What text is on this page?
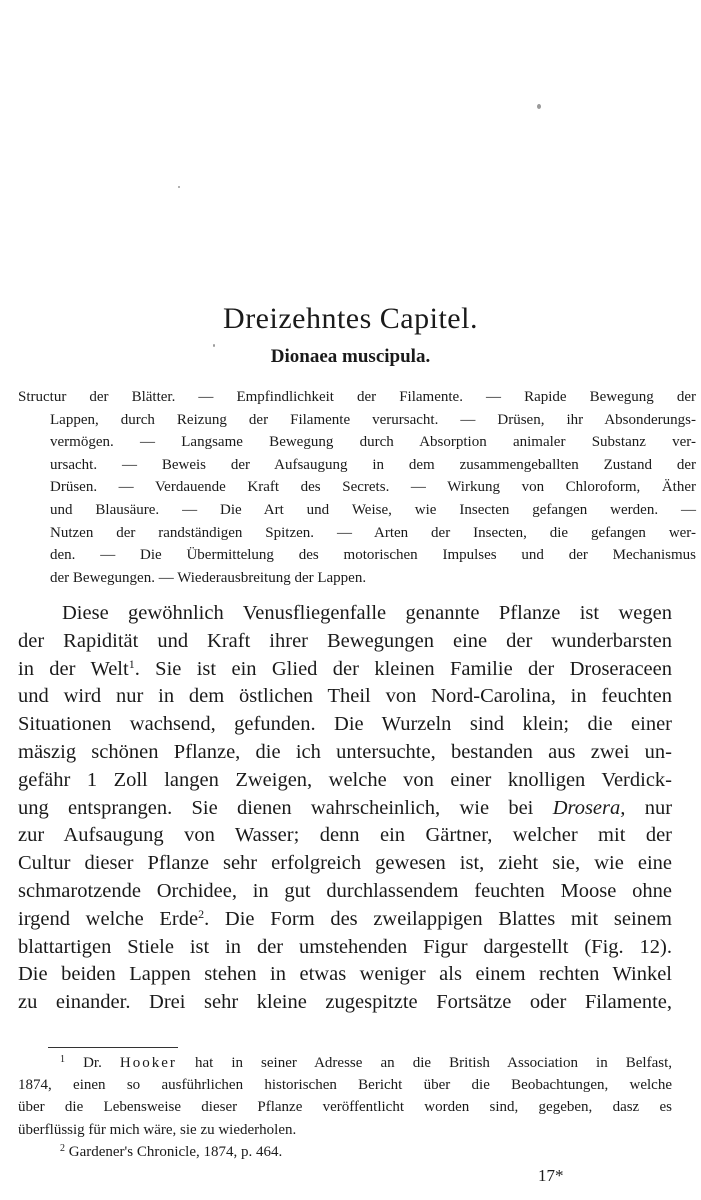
Dreizehntes Capitel.
Dionaea muscipula.
Structur der Blätter. — Empfindlichkeit der Filamente. — Rapide Bewegung der
Lappen, durch Reizung der Filamente verursacht. — Drüsen, ihr Absonderungs-
vermögen. — Langsame Bewegung durch Absorption animaler Substanz ver-
ursacht. — Beweis der Aufsaugung in dem zusammengeballten Zustand der
Drüsen. — Verdauende Kraft des Secrets. — Wirkung von Chloroform, Äther
und Blausäure. — Die Art und Weise, wie Insecten gefangen werden. —
Nutzen der randständigen Spitzen. — Arten der Insecten, die gefangen wer-
den. — Die Übermittelung des motorischen Impulses und der Mechanismus
der Bewegungen. — Wiederausbreitung der Lappen.
Diese gewöhnlich Venusfliegenfalle genannte Pflanze ist wegen
der Rapidität und Kraft ihrer Bewegungen eine der wunderbarsten
in der Welt$^1$. Sie ist ein Glied der kleinen Familie der Droseraceen
und wird nur in dem östlichen Theil von Nord-Carolina, in feuchten
Situationen wachsend, gefunden. Die Wurzeln sind klein; die einer
mäszig schönen Pflanze, die ich untersuchte, bestanden aus zwei un-
gefähr 1 Zoll langen Zweigen, welche von einer knolligen Verdick-
ung entsprangen. Sie dienen wahrscheinlich, wie bei Drosera, nur
zur Aufsaugung von Wasser; denn ein Gärtner, welcher mit der
Cultur dieser Pflanze sehr erfolgreich gewesen ist, zieht sie, wie eine
schmarotzende Orchidee, in gut durchlassendem feuchten Moose ohne
irgend welche Erde$^2$. Die Form des zweilappigen Blattes mit seinem
blattartigen Stiele ist in der umstehenden Figur dargestellt (Fig. 12).
Die beiden Lappen stehen in etwas weniger als einem rechten Winkel
zu einander. Drei sehr kleine zugespitzte Fortsätze oder Filamente,
$^1$ Dr. Hooker hat in seiner Adresse an die British Association in Belfast,
1874, einen so ausführlichen historischen Bericht über die Beobachtungen, welche
über die Lebensweise dieser Pflanze veröffentlicht worden sind, gegeben, dasz es
überflüssig für mich wäre, sie zu wiederholen.
$^2$ Gardener's Chronicle, 1874, p. 464.
17*
